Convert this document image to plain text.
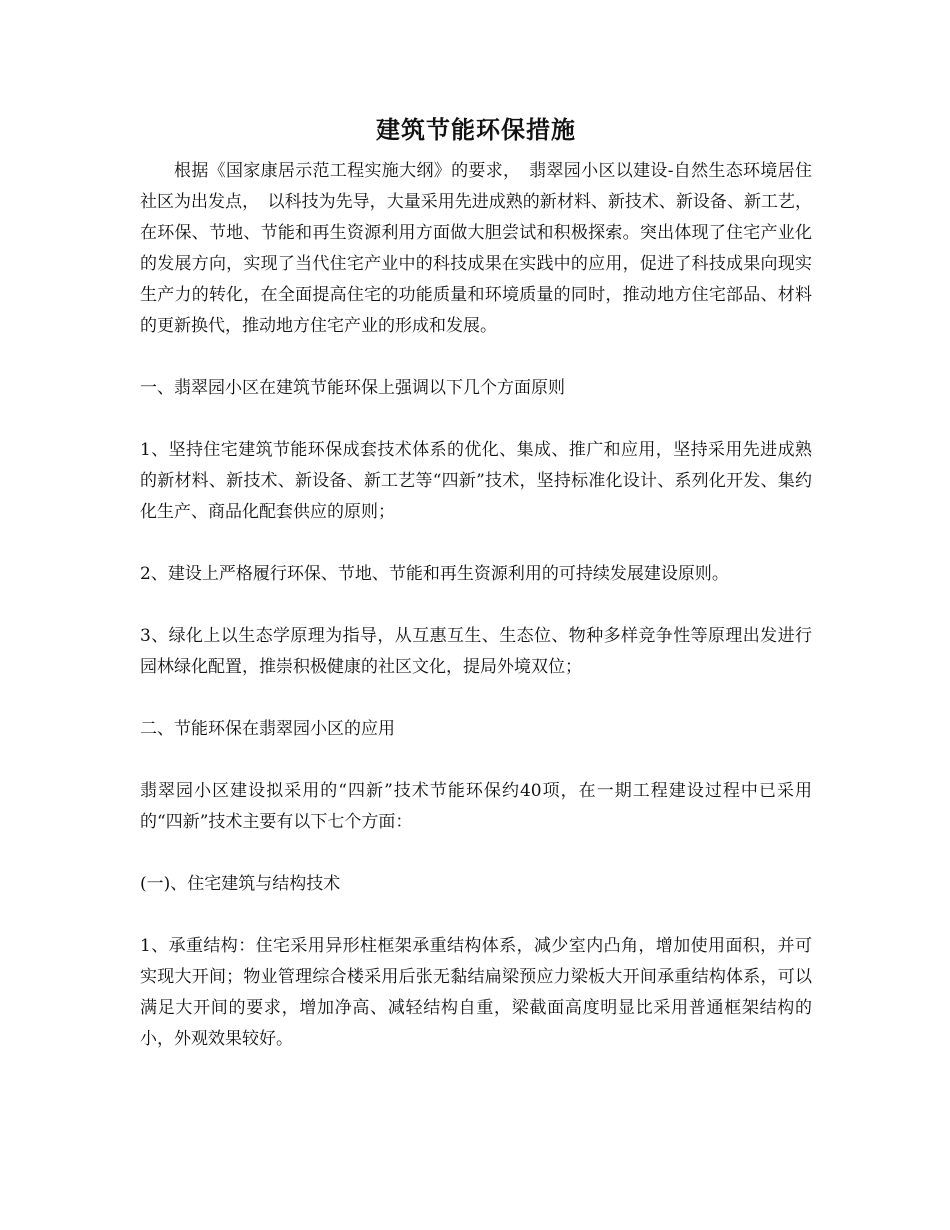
建筑节能环保措施

根据《国家康居示范工程实施大纲》的要求，　翡翠园小区以建设-自然生态环境居住社区为出发点，　以科技为先导，大量采用先进成熟的新材料、新技术、新设备、新工艺，在环保、节地、节能和再生资源利用方面做大胆尝试和积极探索。突出体现了住宅产业化的发展方向，实现了当代住宅产业中的科技成果在实践中的应用，促进了科技成果向现实生产力的转化，在全面提高住宅的功能质量和环境质量的同时，推动地方住宅部品、材料的更新换代，推动地方住宅产业的形成和发展。

一、翡翠园小区在建筑节能环保上强调以下几个方面原则

1、坚持住宅建筑节能环保成套技术体系的优化、集成、推广和应用，坚持采用先进成熟的新材料、新技术、新设备、新工艺等“四新”技术，坚持标准化设计、系列化开发、集约化生产、商品化配套供应的原则；

2、建设上严格履行环保、节地、节能和再生资源利用的可持续发展建设原则。

3、绿化上以生态学原理为指导，从互惠互生、生态位、物种多样竞争性等原理出发进行园林绿化配置，推崇积极健康的社区文化，提局外境双位；

二、节能环保在翡翠园小区的应用

翡翠园小区建设拟采用的“四新”技术节能环保约40项，在一期工程建设过程中已采用的“四新”技术主要有以下七个方面：

(一)、住宅建筑与结构技术

1、承重结构：住宅采用异形柱框架承重结构体系，减少室内凸角，增加使用面积，并可实现大开间；物业管理综合楼采用后张无黏结扁梁预应力梁板大开间承重结构体系，可以满足大开间的要求，增加净高、减轻结构自重，梁截面高度明显比采用普通框架结构的小，外观效果较好。
